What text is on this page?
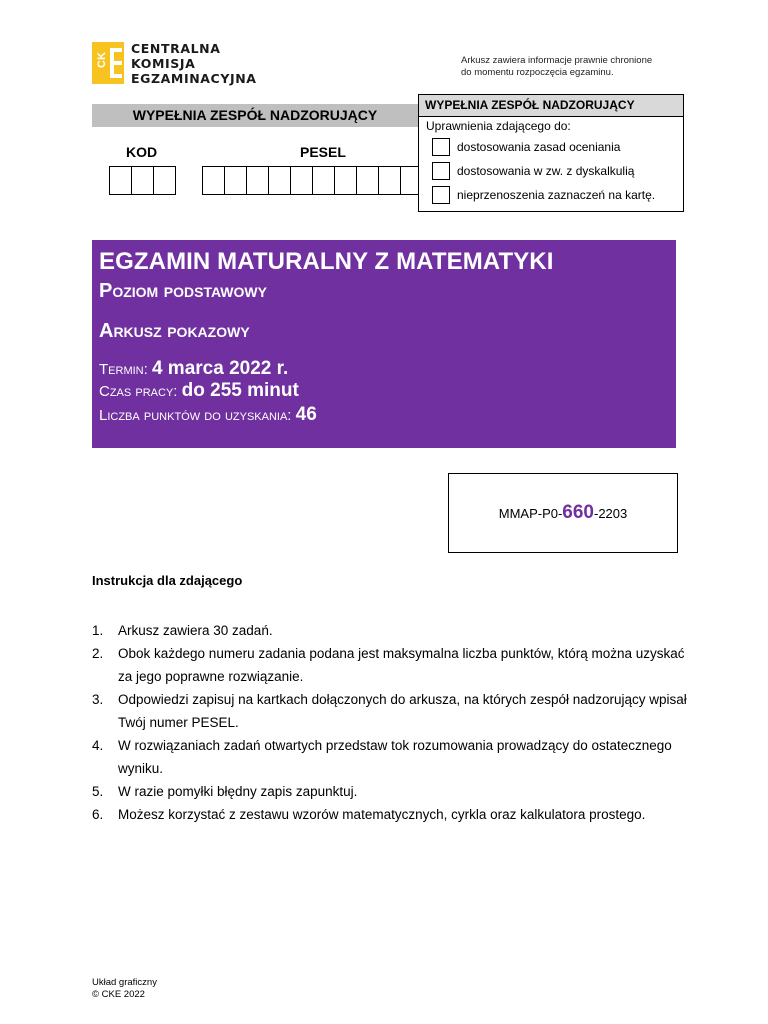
CK
CENTRALNA
KOMISJA
EGZAMINACYJNA
Arkusz zawiera informacje prawnie chronione
do momentu rozpoczęcia egzaminu.
WYPEŁNIA ZESPÓŁ NADZORUJĄCY
KOD	PESEL
WYPEŁNIA ZESPÓŁ NADZORUJĄCY
Uprawnienia zdającego do:
dostosowania zasad oceniania
dostosowania w zw. z dyskalkulią
nieprzenoszenia zaznaczeń na kartę.
EGZAMIN MATURALNY Z MATEMATYKI
Poziom podstawowy
Arkusz pokazowy
Termin: 4 marca 2022 r.
Czas pracy: do 255 minut
Liczba punktów do uzyskania: 46
MMAP-P0- 660 -2203
Instrukcja dla zdającego
1. Arkusz zawiera 30 zadań.
2. Obok każdego numeru zadania podana jest maksymalna liczba punktów, którą można uzyskać za jego poprawne rozwiązanie.
3. Odpowiedzi zapisuj na kartkach dołączonych do arkusza, na których zespół nadzorujący wpisał Twój numer PESEL.
4. W rozwiązaniach zadań otwartych przedstaw tok rozumowania prowadzący do ostatecznego wyniku.
5. W razie pomyłki błędny zapis zapunktuj.
6. Możesz korzystać z zestawu wzorów matematycznych, cyrkla oraz kalkulatora prostego.
Układ graficzny
© CKE 2022
